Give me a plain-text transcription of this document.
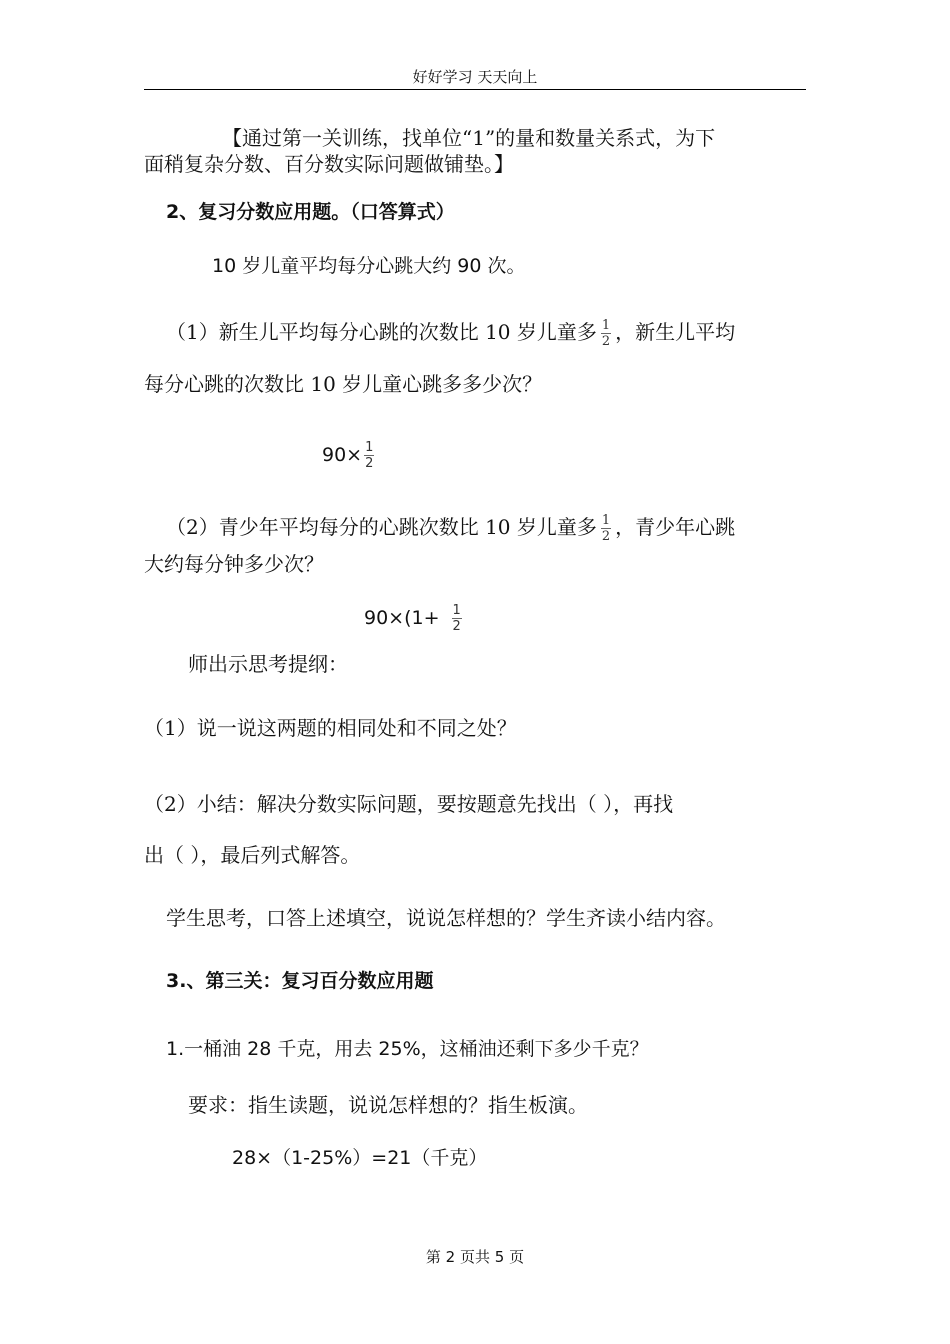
好好学习 天天向上
【通过第一关训练，找单位“1”的量和数量关系式，为下
面稍复杂分数、百分数实际问题做铺垫。】
2、复习分数应用题。（口答算式）
10 岁儿童平均每分心跳大约 90 次。
（1）新生儿平均每分心跳的次数比 10 岁儿童多 $\frac{1}{2}$ ，新生儿平均
每分心跳的次数比 10 岁儿童心跳多多少次？
$90\times \frac{1}{2}$
（2）青少年平均每分的心跳次数比 10 岁儿童多 $\frac{1}{2}$ ，青少年心跳
大约每分钟多少次？
$90\times(1+ \frac{1}{2}$
师出示思考提纲：
（1）说一说这两题的相同处和不同之处？
（2）小结：解决分数实际问题，要按题意先找出（ ），再找
出（ ），最后列式解答。
学生思考，口答上述填空，说说怎样想的？学生齐读小结内容。
3.、第三关：复习百分数应用题
1.一桶油 28 千克，用去 25%，这桶油还剩下多少千克？
要求：指生读题，说说怎样想的？指生板演。
28×（1-25%）=21（千克）
第 2 页共 5 页
